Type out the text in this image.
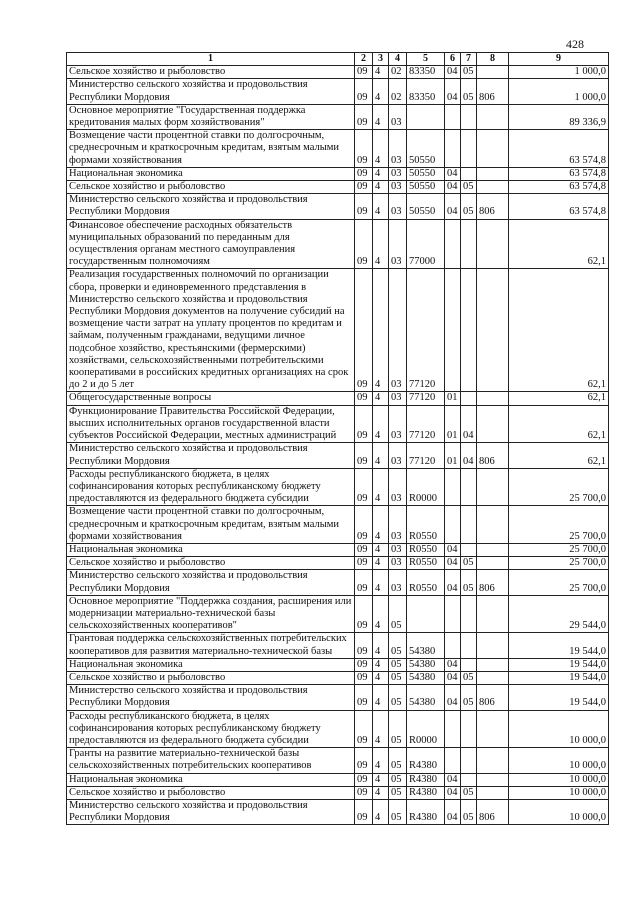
428
1	2	3	4	5	6	7	8	9
Сельское хозяйство и рыболовство	09	4	02	83350	04	05		1 000,0
Министерство сельского хозяйства и продовольствия Республики Мордовия	09	4	02	83350	04	05	806	1 000,0
Основное мероприятие "Государственная поддержка кредитования малых форм хозяйствования"	09	4	03					89 336,9
Возмещение части процентной ставки по долгосрочным, среднесрочным и краткосрочным кредитам, взятым малыми формами хозяйствования	09	4	03	50550				63 574,8
Национальная экономика	09	4	03	50550	04			63 574,8
Сельское хозяйство и рыболовство	09	4	03	50550	04	05		63 574,8
Министерство сельского хозяйства и продовольствия Республики Мордовия	09	4	03	50550	04	05	806	63 574,8
Финансовое обеспечение расходных обязательств муниципальных образований по переданным для осуществления органам местного самоуправления государственным полномочиям	09	4	03	77000				62,1
Реализация государственных полномочий по организации сбора, проверки и единовременного представления в Министерство сельского хозяйства и продовольствия Республики Мордовия документов на получение субсидий на возмещение части затрат на уплату процентов по кредитам и займам, полученным гражданами, ведущими личное подсобное хозяйство, крестьянскими (фермерскими) хозяйствами, сельскохозяйственными потребительскими кооперативами в российских кредитных организациях на срок до 2 и до 5 лет	09	4	03	77120				62,1
Общегосударственные вопросы	09	4	03	77120	01			62,1
Функционирование Правительства Российской Федерации, высших исполнительных органов государственной власти субъектов Российской Федерации, местных администраций	09	4	03	77120	01	04		62,1
Министерство сельского хозяйства и продовольствия Республики Мордовия	09	4	03	77120	01	04	806	62,1
Расходы республиканского бюджета, в целях софинансирования которых республиканскому бюджету предоставляются из федерального бюджета субсидии	09	4	03	R0000				25 700,0
Возмещение части процентной ставки по долгосрочным, среднесрочным и краткосрочным кредитам, взятым малыми формами хозяйствования	09	4	03	R0550				25 700,0
Национальная экономика	09	4	03	R0550	04			25 700,0
Сельское хозяйство и рыболовство	09	4	03	R0550	04	05		25 700,0
Министерство сельского хозяйства и продовольствия Республики Мордовия	09	4	03	R0550	04	05	806	25 700,0
Основное мероприятие "Поддержка создания, расширения или модернизации материально-технической базы сельскохозяйственных кооперативов"	09	4	05					29 544,0
Грантовая поддержка сельскохозяйственных потребительских кооперативов для развития материально-технической базы	09	4	05	54380				19 544,0
Национальная экономика	09	4	05	54380	04			19 544,0
Сельское хозяйство и рыболовство	09	4	05	54380	04	05		19 544,0
Министерство сельского хозяйства и продовольствия Республики Мордовия	09	4	05	54380	04	05	806	19 544,0
Расходы республиканского бюджета, в целях софинансирования которых республиканскому бюджету предоставляются из федерального бюджета субсидии	09	4	05	R0000				10 000,0
Гранты на развитие материально-технической базы сельскохозяйственных потребительских кооперативов	09	4	05	R4380				10 000,0
Национальная экономика	09	4	05	R4380	04			10 000,0
Сельское хозяйство и рыболовство	09	4	05	R4380	04	05		10 000,0
Министерство сельского хозяйства и продовольствия Республики Мордовия	09	4	05	R4380	04	05	806	10 000,0
